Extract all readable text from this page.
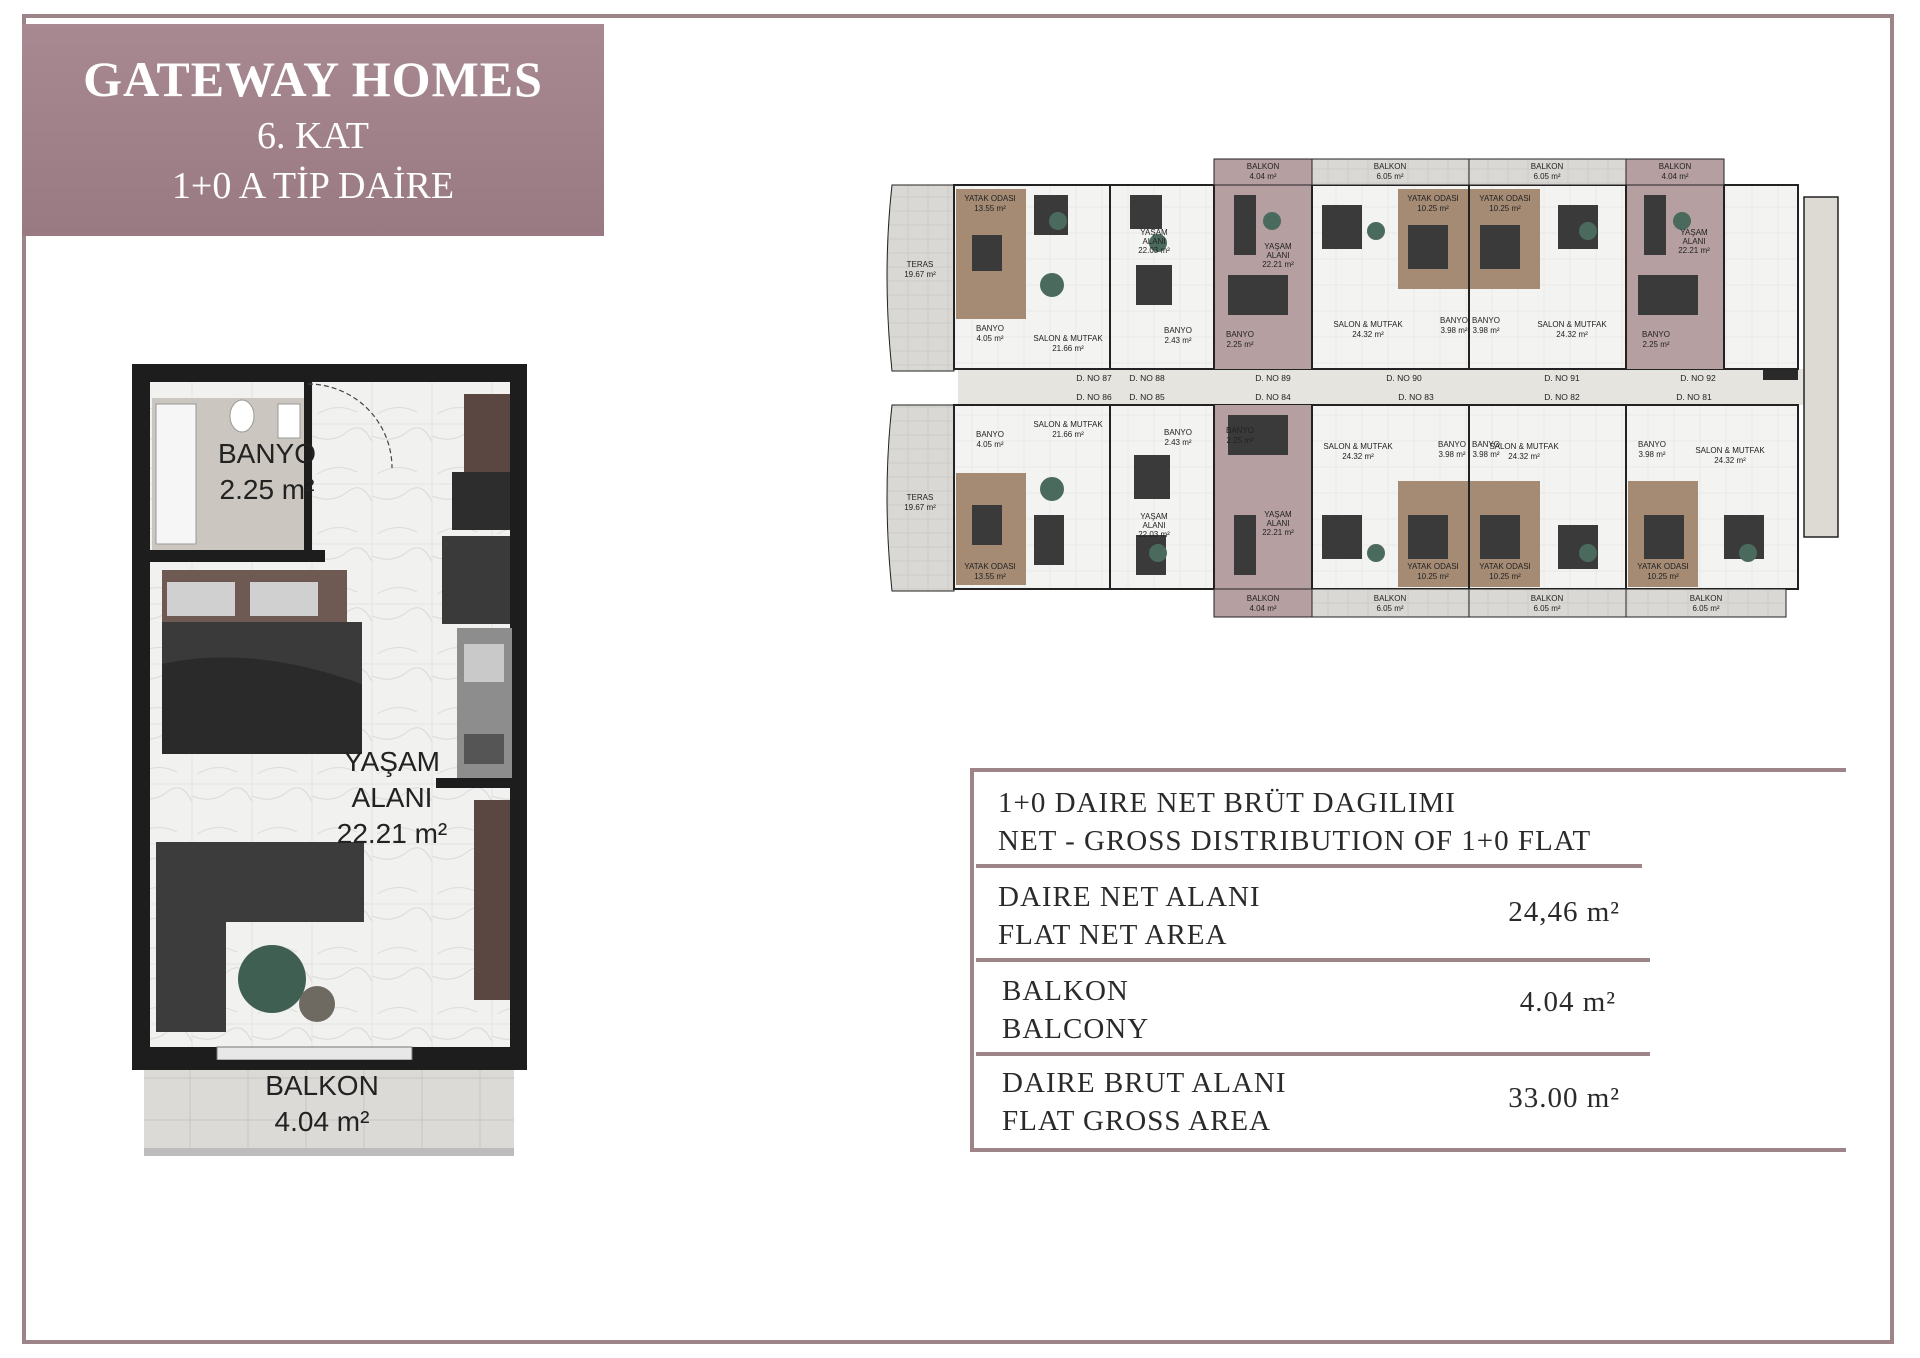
GATEWAY HOMES
6. KAT
1+0 A TİP DAİRE
BANYO
2.25 m²
YAŞAM
ALANI
22.21 m²
BALKON
4.04 m²
TERAS
19.67 m²
TERAS
19.67 m²
YATAK ODASI
13.55 m²
BANYO
4.05 m²	SALON & MUTFAK
21.66 m²
YAŞAM
ALANI
22.03 m²
BANYO
2.43 m²
BALKON
4.04 m²
YAŞAM
ALANI
22.21 m²
BANYO
2.25 m²
BALKON
6.05 m²
BALKON
6.05 m²
YATAK ODASI
10.25 m²
YATAK ODASI
10.25 m²
SALON & MUTFAK
24.32 m²
SALON & MUTFAK
24.32 m²
BANYO
3.98 m²
BANYO
3.98 m²
BALKON
4.04 m²
YAŞAM
ALANI
22.21 m²
BANYO
2.25 m²
BANYO
4.05 m²
SALON & MUTFAK
21.66 m²
YATAK ODASI
13.55 m²
BANYO
2.43 m²
YAŞAM
ALANI
22.03 m²
BANYO
2.25 m²
YAŞAM
ALANI
22.21 m²
BALKON
4.04 m²
SALON & MUTFAK
24.32 m²
BANYO
3.98 m²
BANYO
3.98 m²
SALON & MUTFAK
24.32 m²
BANYO
3.98 m²	SALON & MUTFAK
24.32 m²
YATAK ODASI
10.25 m²
YATAK ODASI
10.25 m²
YATAK ODASI
10.25 m²
BALKON
6.05 m²
BALKON
6.05 m²
BALKON
6.05 m²
D. NO 87 D. NO 88	D. NO 89	D. NO 90	D. NO 91	D. NO 92
D. NO 86 D. NO 85	D. NO 84	D. NO 83	D. NO 82	D. NO 81
1+0 DAIRE NET BRÜT DAGILIMI
NET - GROSS DISTRIBUTION OF 1+0 FLAT
DAIRE NET ALANI
FLAT NET AREA
24,46 m²
BALKON
BALCONY
4.04 m²
DAIRE BRUT ALANI
FLAT GROSS AREA
33.00 m²
